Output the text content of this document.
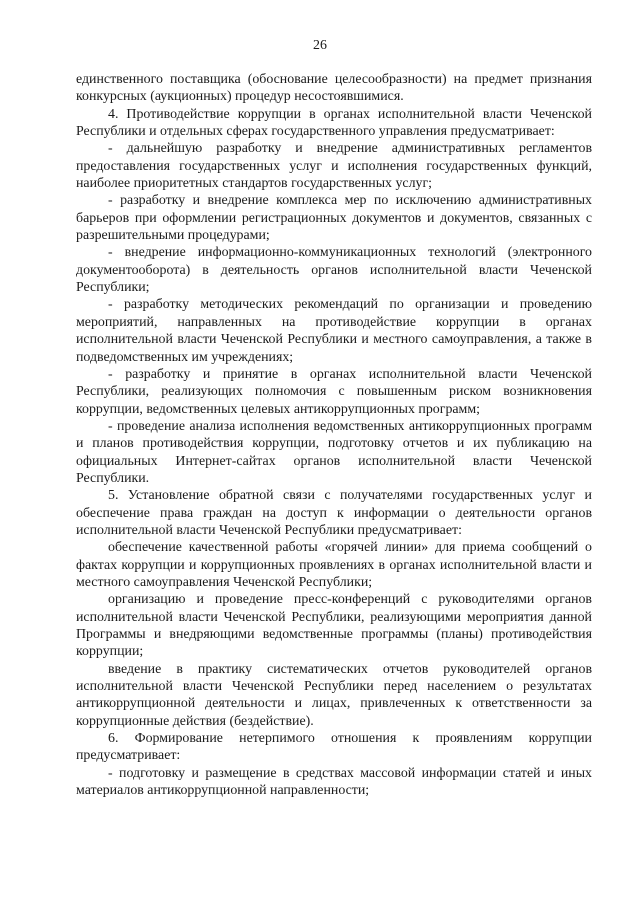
26

единственного поставщика (обоснование целесообразности) на предмет признания конкурсных (аукционных) процедур несостоявшимися.

4. Противодействие коррупции в органах исполнительной власти Чеченской Республики и отдельных сферах государственного управления предусматривает:

- дальнейшую разработку и внедрение административных регламентов предоставления государственных услуг и исполнения государственных функций, наиболее приоритетных стандартов государственных услуг;

- разработку и внедрение комплекса мер по исключению административных барьеров при оформлении регистрационных документов и документов, связанных с разрешительными процедурами;

- внедрение информационно-коммуникационных технологий (электронного документооборота) в деятельность органов исполнительной власти Чеченской Республики;

- разработку методических рекомендаций по организации и проведению мероприятий, направленных на противодействие коррупции в органах исполнительной власти Чеченской Республики и местного самоуправления, а также в подведомственных им учреждениях;

- разработку и принятие в органах исполнительной власти Чеченской Республики, реализующих полномочия с повышенным риском возникновения коррупции, ведомственных целевых антикоррупционных программ;

- проведение анализа исполнения ведомственных антикоррупционных программ и планов противодействия коррупции, подготовку отчетов и их публикацию на официальных Интернет-сайтах органов исполнительной власти Чеченской Республики.

5. Установление обратной связи с получателями государственных услуг и обеспечение права граждан на доступ к информации о деятельности органов исполнительной власти Чеченской Республики предусматривает:

обеспечение качественной работы «горячей линии» для приема сообщений о фактах коррупции и коррупционных проявлениях в органах исполнительной власти и местного самоуправления Чеченской Республики;

организацию и проведение пресс-конференций с руководителями органов исполнительной власти Чеченской Республики, реализующими мероприятия данной Программы и внедряющими ведомственные программы (планы) противодействия коррупции;

введение в практику систематических отчетов руководителей органов исполнительной власти Чеченской Республики перед населением о результатах антикоррупционной деятельности и лицах, привлеченных к ответственности за коррупционные действия (бездействие).

6. Формирование нетерпимого отношения к проявлениям коррупции предусматривает:

- подготовку и размещение в средствах массовой информации статей и иных материалов антикоррупционной направленности;
